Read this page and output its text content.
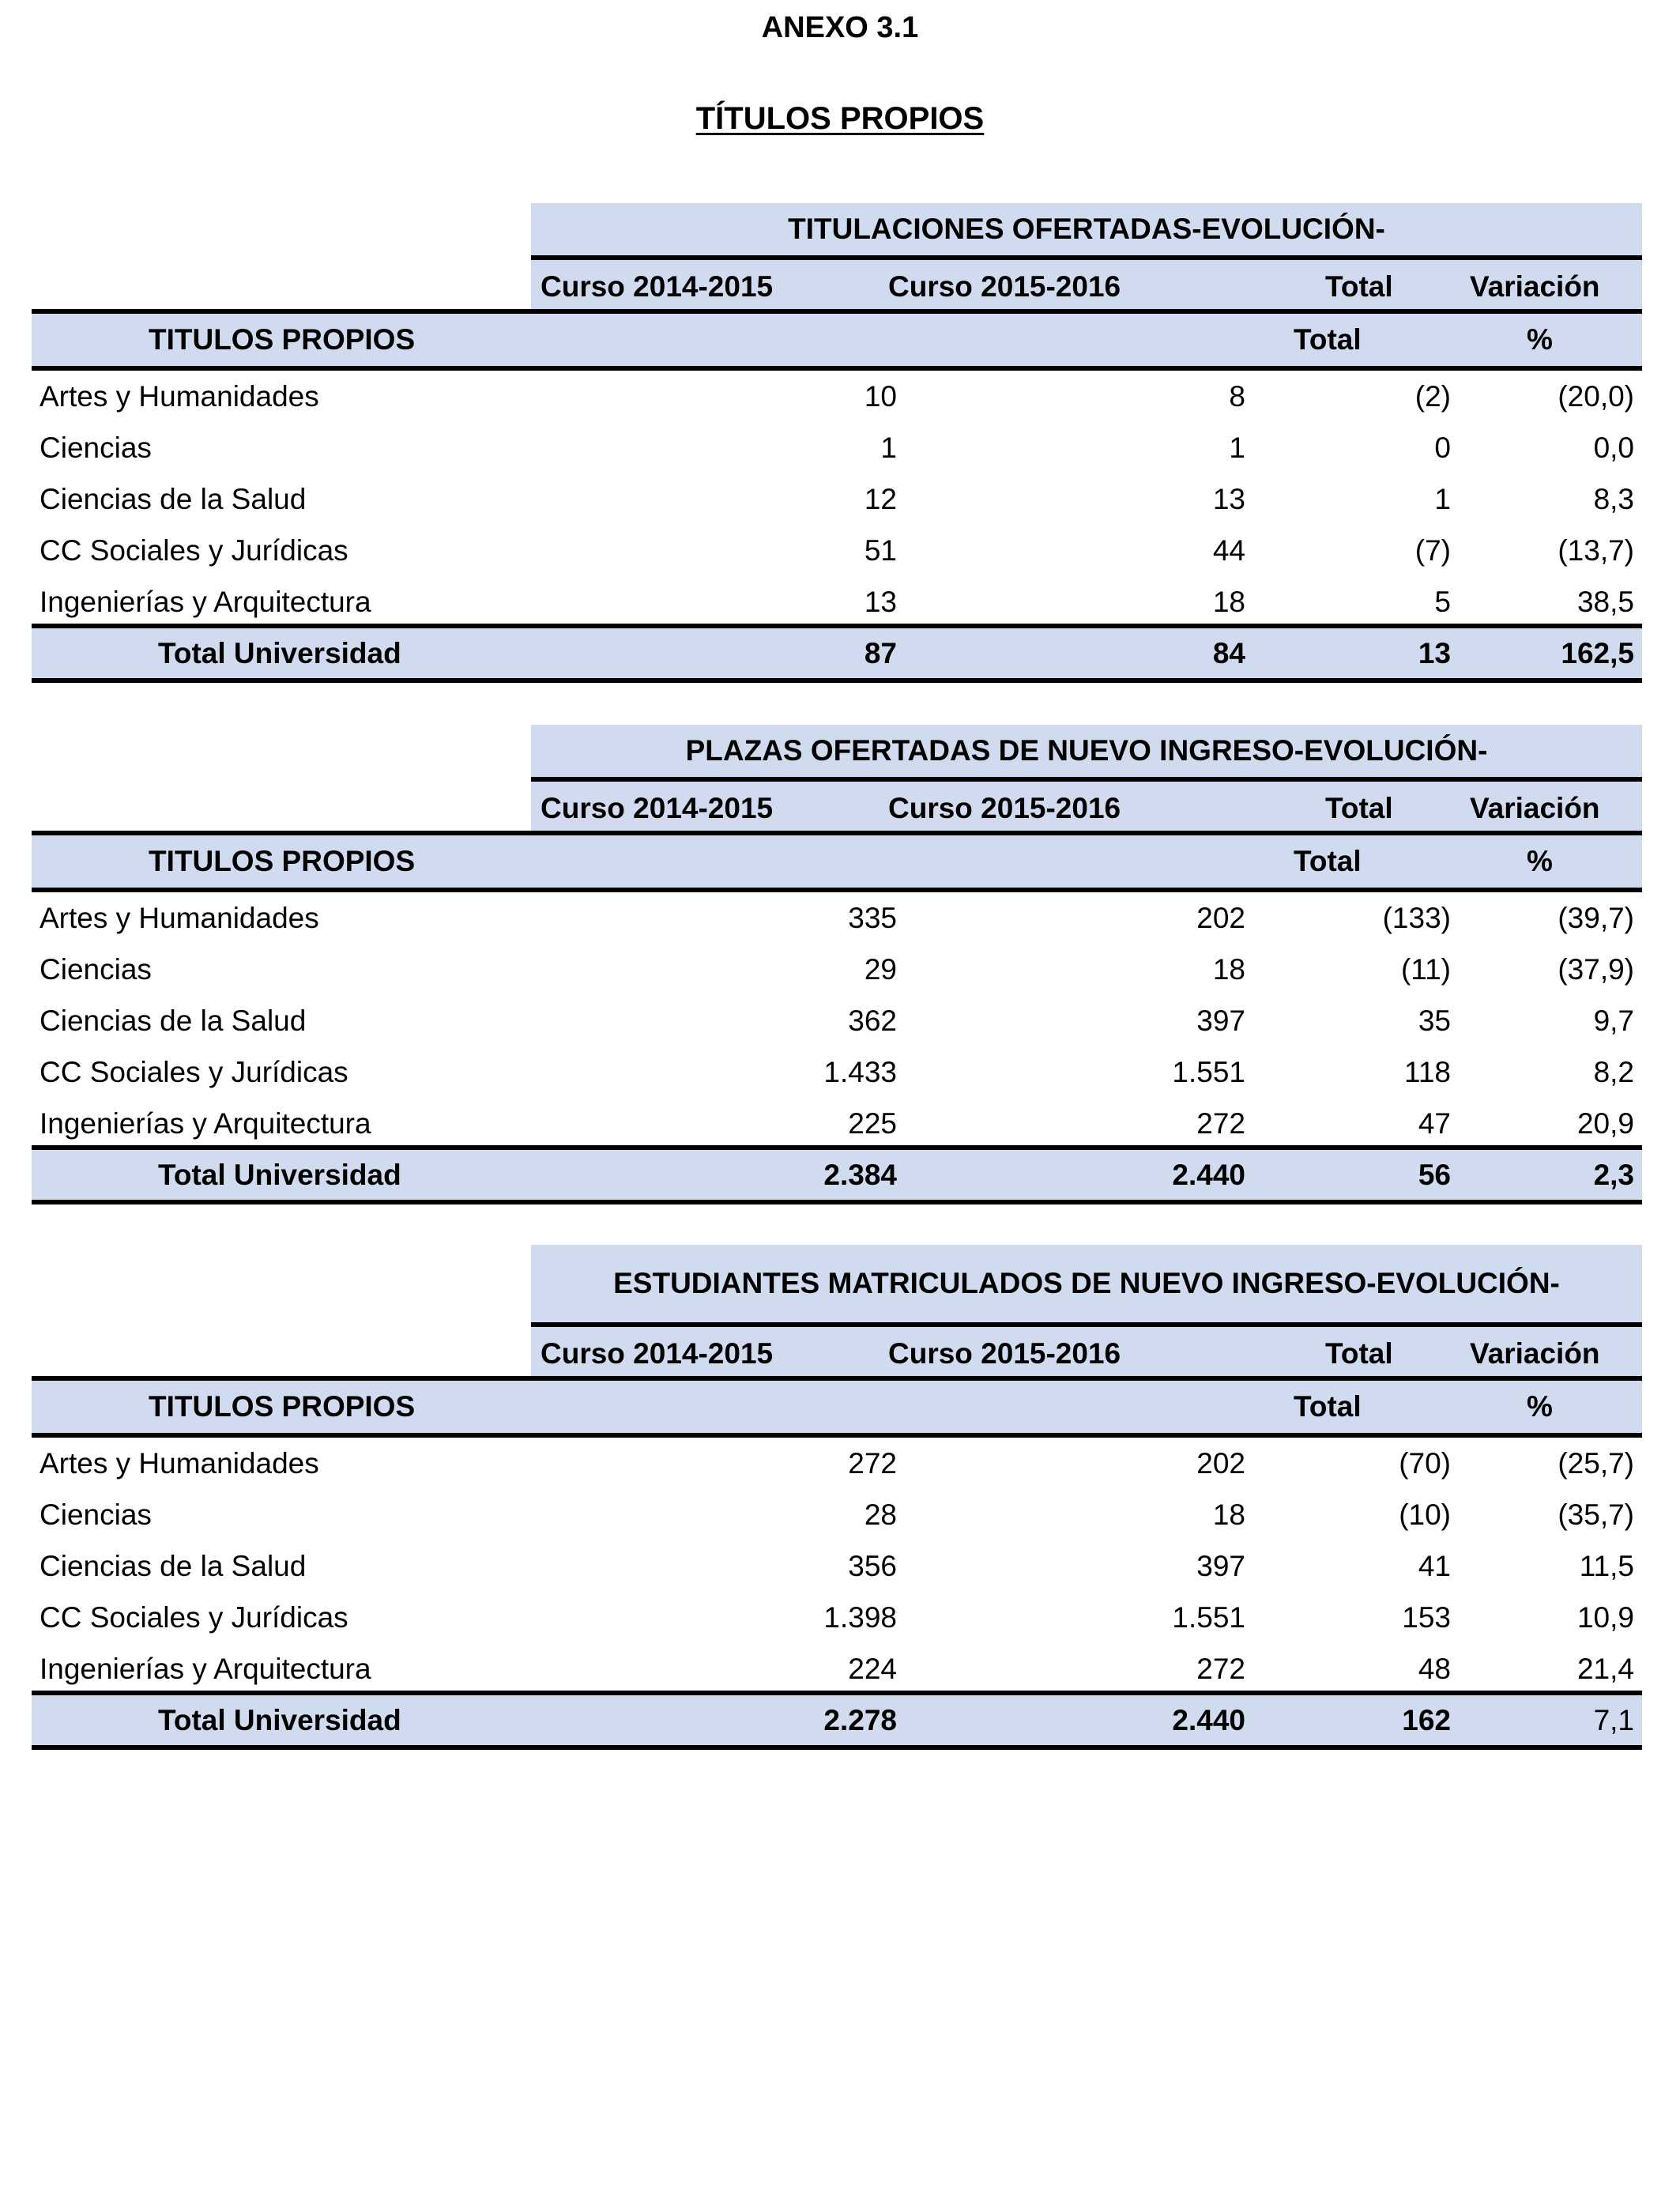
ANEXO 3.1
TÍTULOS PROPIOS
TITULACIONES OFERTADAS-EVOLUCIÓN-
Curso 2014-2015	Curso 2015-2016	Total	Variación
TITULOS PROPIOS	Total	%
Artes y Humanidades	10	8	(2)	(20,0)
Ciencias	1	1	0	0,0
Ciencias de la Salud	12	13	1	8,3
CC Sociales y Jurídicas	51	44	(7)	(13,7)
Ingenierías y Arquitectura	13	18	5	38,5
Total Universidad	87	84	13	162,5
PLAZAS OFERTADAS DE NUEVO INGRESO-EVOLUCIÓN-
Curso 2014-2015	Curso 2015-2016	Total	Variación
TITULOS PROPIOS	Total	%
Artes y Humanidades	335	202	(133)	(39,7)
Ciencias	29	18	(11)	(37,9)
Ciencias de la Salud	362	397	35	9,7
CC Sociales y Jurídicas	1.433	1.551	118	8,2
Ingenierías y Arquitectura	225	272	47	20,9
Total Universidad	2.384	2.440	56	2,3
ESTUDIANTES MATRICULADOS DE NUEVO INGRESO-EVOLUCIÓN-
Curso 2014-2015	Curso 2015-2016	Total	Variación
TITULOS PROPIOS	Total	%
Artes y Humanidades	272	202	(70)	(25,7)
Ciencias	28	18	(10)	(35,7)
Ciencias de la Salud	356	397	41	11,5
CC Sociales y Jurídicas	1.398	1.551	153	10,9
Ingenierías y Arquitectura	224	272	48	21,4
Total Universidad	2.278	2.440	162	7,1
